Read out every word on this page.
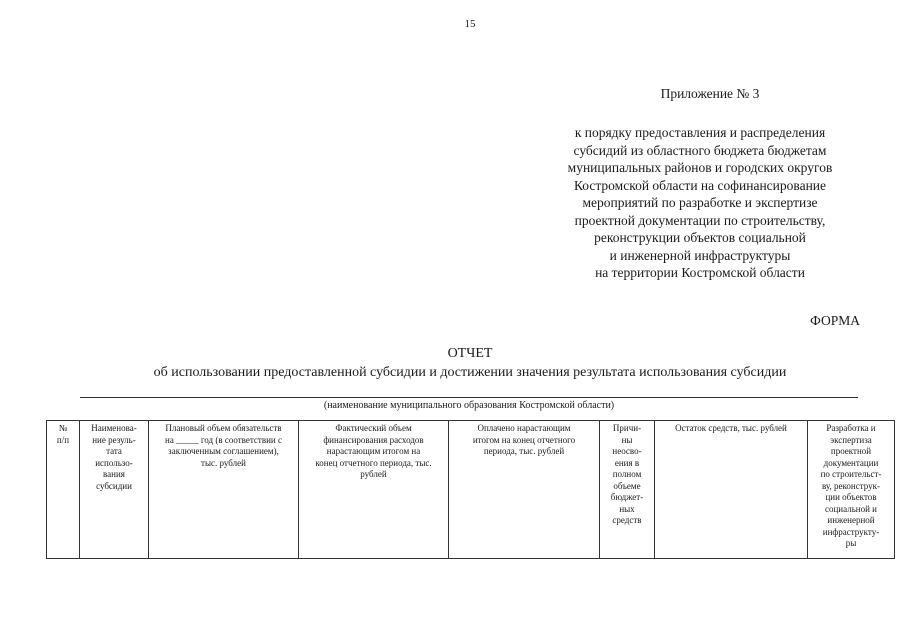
15
Приложение № 3
к порядку предоставления и распределения
субсидий из областного бюджета бюджетам
муниципальных районов и городских округов
Костромской области на софинансирование
мероприятий по разработке и экспертизе
проектной документации по строительству,
реконструкции объектов социальной
и инженерной инфраструктуры
на территории Костромской области
ФОРМА
ОТЧЕТ
об использовании предоставленной субсидии и достижении значения результата использования субсидии
(наименование муниципального образования Костромской области)
№
п/п	Наименова-
ние резуль-
тата
использо-
вания
субсидии	Плановый объем обязательств
на _____ год (в соответствии с
заключенным соглашением),
тыс. рублей	Фактический объем
финансирования расходов
нарастающим итогом на
конец отчетного периода, тыс.
рублей	Оплачено нарастающим
итогом на конец отчетного
периода, тыс. рублей	Причи-
ны
неосво-
ения в
полном
объеме
бюджет-
ных
средств	Остаток средств, тыс. рублей	Разработка и
экспертиза
проектной
документации
по строительст-
ву, реконструк-
ции объектов
социальной и
инженерной
инфраструкту-
ры
